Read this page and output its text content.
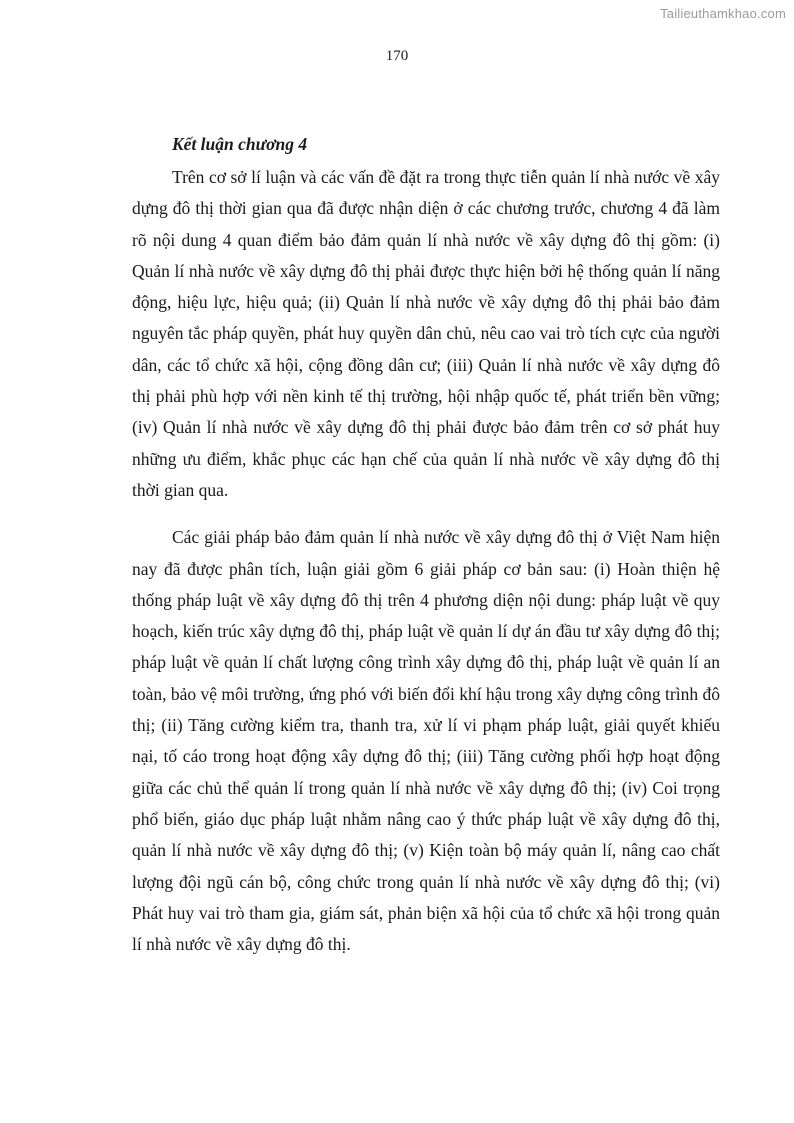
Tailieuthamkhao.com
170
Kết luận chương 4

Trên cơ sở lí luận và các vấn đề đặt ra trong thực tiễn quản lí nhà nước về xây dựng đô thị thời gian qua đã được nhận diện ở các chương trước, chương 4 đã làm rõ nội dung 4 quan điểm bảo đảm quản lí nhà nước về xây dựng đô thị gồm: (i) Quản lí nhà nước về xây dựng đô thị phải được thực hiện bởi hệ thống quản lí năng động, hiệu lực, hiệu quả; (ii) Quản lí nhà nước về xây dựng đô thị phải bảo đảm nguyên tắc pháp quyền, phát huy quyền dân chủ, nêu cao vai trò tích cực của người dân, các tổ chức xã hội, cộng đồng dân cư; (iii) Quản lí nhà nước về xây dựng đô thị phải phù hợp với nền kinh tế thị trường, hội nhập quốc tế, phát triển bền vững; (iv) Quản lí nhà nước về xây dựng đô thị phải được bảo đảm trên cơ sở phát huy những ưu điểm, khắc phục các hạn chế của quản lí nhà nước về xây dựng đô thị thời gian qua.

Các giải pháp bảo đảm quản lí nhà nước về xây dựng đô thị ở Việt Nam hiện nay đã được phân tích, luận giải gồm 6 giải pháp cơ bản sau: (i) Hoàn thiện hệ thống pháp luật về xây dựng đô thị trên 4 phương diện nội dung: pháp luật về quy hoạch, kiến trúc xây dựng đô thị, pháp luật về quản lí dự án đầu tư xây dựng đô thị; pháp luật về quản lí chất lượng công trình xây dựng đô thị, pháp luật về quản lí an toàn, bảo vệ môi trường, ứng phó với biến đổi khí hậu trong xây dựng công trình đô thị; (ii) Tăng cường kiểm tra, thanh tra, xử lí vi phạm pháp luật, giải quyết khiếu nại, tố cáo trong hoạt động xây dựng đô thị; (iii) Tăng cường phối hợp hoạt động giữa các chủ thể quản lí trong quản lí nhà nước về xây dựng đô thị; (iv) Coi trọng phổ biến, giáo dục pháp luật nhằm nâng cao ý thức pháp luật về xây dựng đô thị, quản lí nhà nước về xây dựng đô thị; (v) Kiện toàn bộ máy quản lí, nâng cao chất lượng đội ngũ cán bộ, công chức trong quản lí nhà nước về xây dựng đô thị; (vi) Phát huy vai trò tham gia, giám sát, phản biện xã hội của tổ chức xã hội trong quản lí nhà nước về xây dựng đô thị.
